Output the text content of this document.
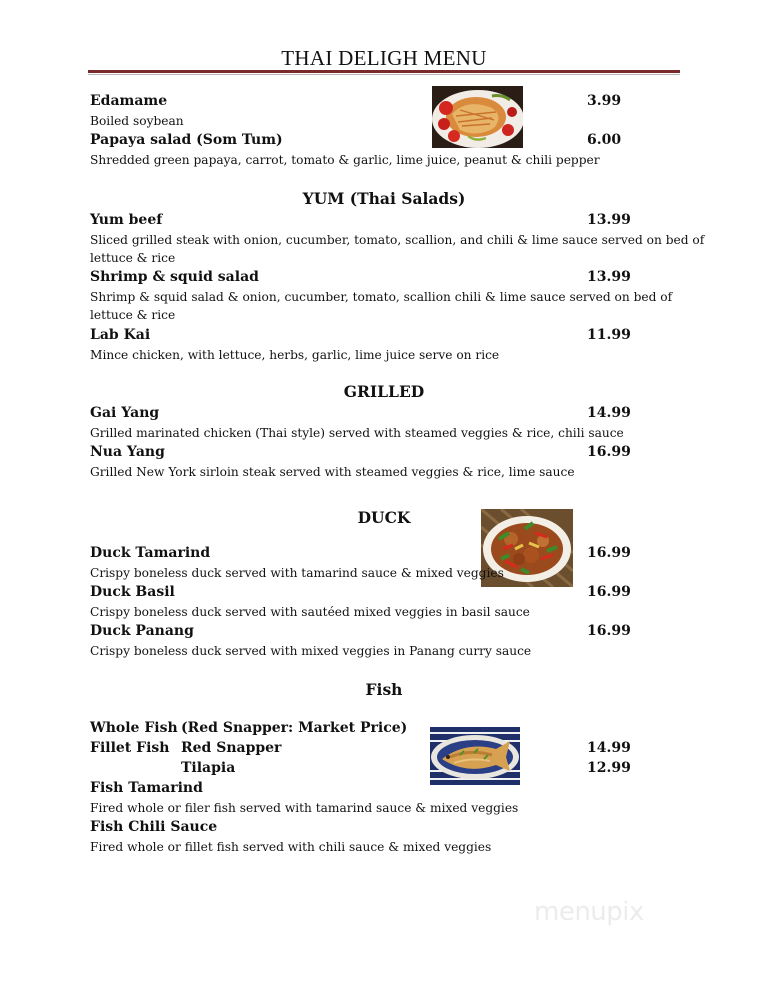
THAI DELIGH MENU
Edamame	3.99
Boiled soybean
Papaya salad (Som Tum)	6.00
Shredded green papaya, carrot, tomato & garlic, lime juice, peanut & chili pepper
YUM (Thai Salads)
Yum beef	13.99
Sliced grilled steak with onion, cucumber, tomato, scallion, and chili & lime sauce served on bed of
lettuce & rice
Shrimp & squid salad	13.99
Shrimp & squid salad & onion, cucumber, tomato, scallion chili & lime sauce served on bed of
lettuce & rice
Lab Kai	11.99
Mince chicken, with lettuce, herbs, garlic, lime juice serve on rice
GRILLED
Gai Yang	14.99
Grilled marinated chicken (Thai style) served with steamed veggies & rice, chili sauce
Nua Yang	16.99
Grilled New York sirloin steak served with steamed veggies & rice, lime sauce
DUCK
Duck Tamarind	16.99
Crispy boneless duck served with tamarind sauce & mixed veggies
Duck Basil	16.99
Crispy boneless duck served with sautéed mixed veggies in basil sauce
Duck Panang	16.99
Crispy boneless duck served with mixed veggies in Panang curry sauce
Fish
Whole Fish (Red Snapper: Market Price)
Fillet Fish Red Snapper	14.99
Tilapia	12.99
Fish Tamarind
Fired whole or filer fish served with tamarind sauce & mixed veggies
Fish Chili Sauce
Fired whole or fillet fish served with chili sauce & mixed veggies
menupix
